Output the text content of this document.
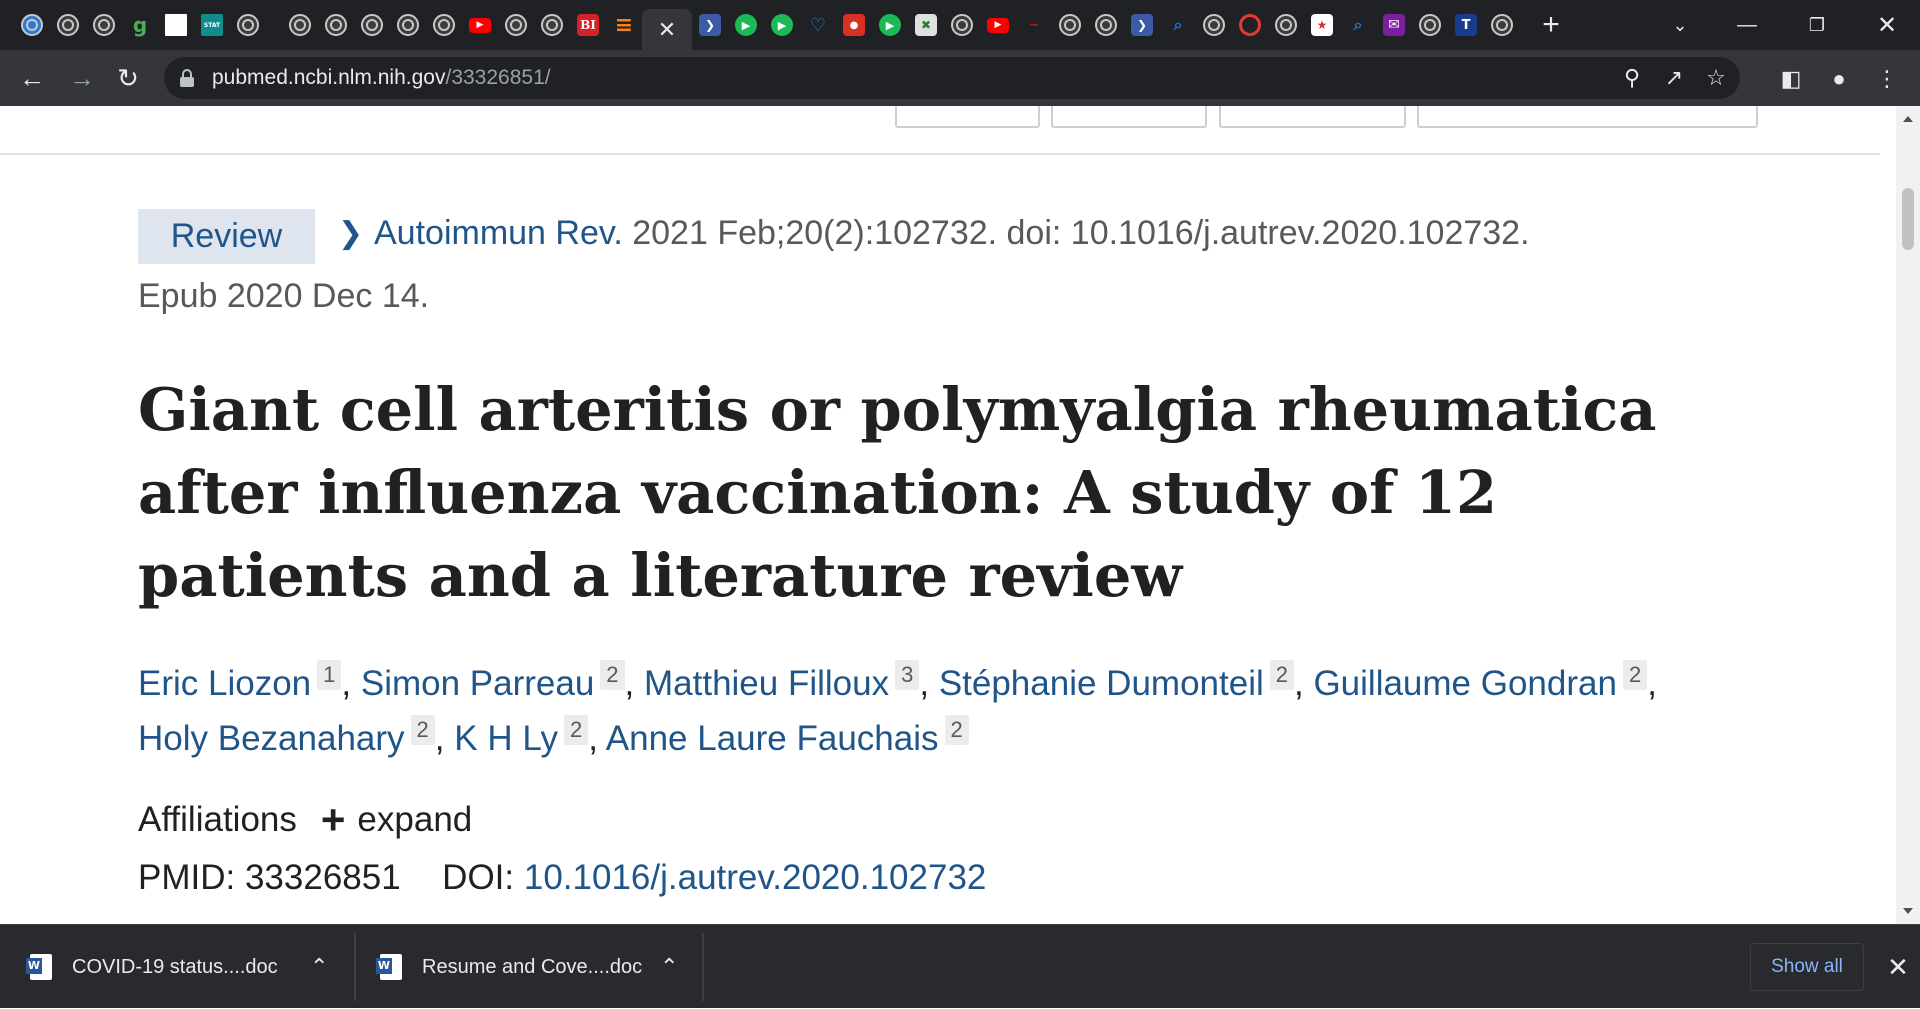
g	STAT	▶	BI ≡ ✕	❯	▶	▶	♡	●	▶	✖	▶	~	❯	⌕	★	⌕	✉	T +	⌄	—	❐	✕
← → ↻	pubmed.ncbi.nlm.nih.gov/33326851/	⚲ ↗ ☆ ◧	●	⋮
Review	❯ Autoimmun Rev. 2021 Feb;20(2):102732. doi: 10.1016/j.autrev.2020.102732.
Epub 2020 Dec 14.
Giant cell arteritis or polymyalgia rheumatica after influenza vaccination: A study of 12 patients and a literature review
Eric Liozon 1 , Simon Parreau 2 , Matthieu Filloux 3 , Stéphanie Dumonteil 2 , Guillaume Gondran 2 , Holy Bezanahary 2 , K H Ly 2 , Anne Laure Fauchais 2
Affiliations + expand
PMID: 33326851 DOI: 10.1016/j.autrev.2020.102732
W
COVID-19 status....doc ⌃
W	Resume and Cove....doc ⌃	Show all	✕
